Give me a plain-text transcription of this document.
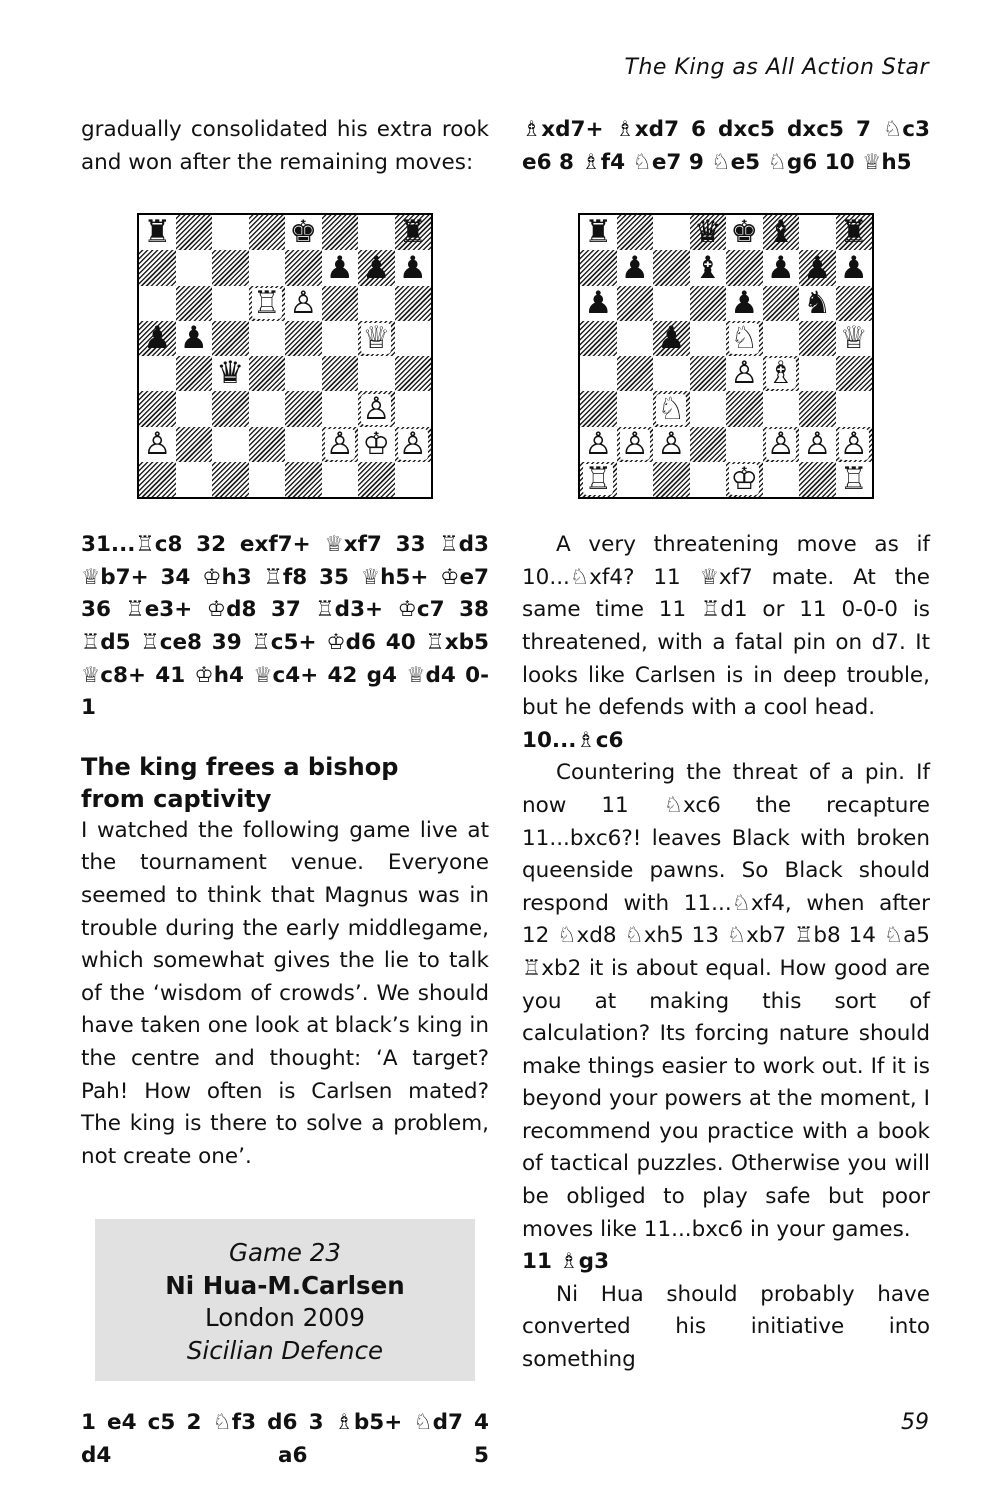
The King as All Action Star

gradually consolidated his extra rook and won after the remaining moves:

♜	♚	♜
♟ ♟ ♟
♖ ♙
♟ ♟	♕
♛
♙
♙	♙ ♔ ♙

31...♖c8 32 exf7+ ♕xf7 33 ♖d3 ♕b7+ 34 ♔h3 ♖f8 35 ♕h5+ ♔e7 36 ♖e3+ ♔d8 37 ♖d3+ ♔c7 38 ♖d5 ♖ce8 39 ♖c5+ ♔d6 40 ♖xb5 ♕c8+ 41 ♔h4 ♕c4+ 42 g4 ♕d4 0-1

The king frees a bishop
from captivity

I watched the following game live at the tournament venue. Everyone seemed to think that Magnus was in trouble during the early middlegame, which somewhat gives the lie to talk of the ‘wisdom of crowds’. We should have taken one look at black’s king in the centre and thought: ‘A target? Pah! How often is Carlsen mated? The king is there to solve a problem, not create one’.

Game 23
Ni Hua-M.Carlsen
London 2009
Sicilian Defence

1 e4 c5 2 ♘f3 d6 3 ♗b5+ ♘d7 4 d4 a6 5

♗xd7+ ♗xd7 6 dxc5 dxc5 7 ♘c3 e6 8 ♗f4 ♘e7 9 ♘e5 ♘g6 10 ♕h5

♜	♛ ♚ ♝ ♜
♟ ♝ ♟ ♟ ♟
♟	♟ ♞
♟ ♘	♕
♙ ♗
♘
♙ ♙ ♙	♙ ♙ ♙
♖	♔	♖

A very threatening move as if 10...♘xf4? 11 ♕xf7 mate. At the same time 11 ♖d1 or 11 0-0-0 is threatened, with a fatal pin on d7. It looks like Carlsen is in deep trouble, but he defends with a cool head.

10...♗c6

Countering the threat of a pin. If now 11 ♘xc6 the recapture 11...bxc6?! leaves Black with broken queenside pawns. So Black should respond with 11...♘xf4, when after 12 ♘xd8 ♘xh5 13 ♘xb7 ♖b8 14 ♘a5 ♖xb2 it is about equal. How good are you at making this sort of calculation? Its forcing nature should make things easier to work out. If it is beyond your powers at the moment, I recommend you practice with a book of tactical puzzles. Otherwise you will be obliged to play safe but poor moves like 11...bxc6 in your games.

11 ♗g3

Ni Hua should probably have converted his initiative into something

59
